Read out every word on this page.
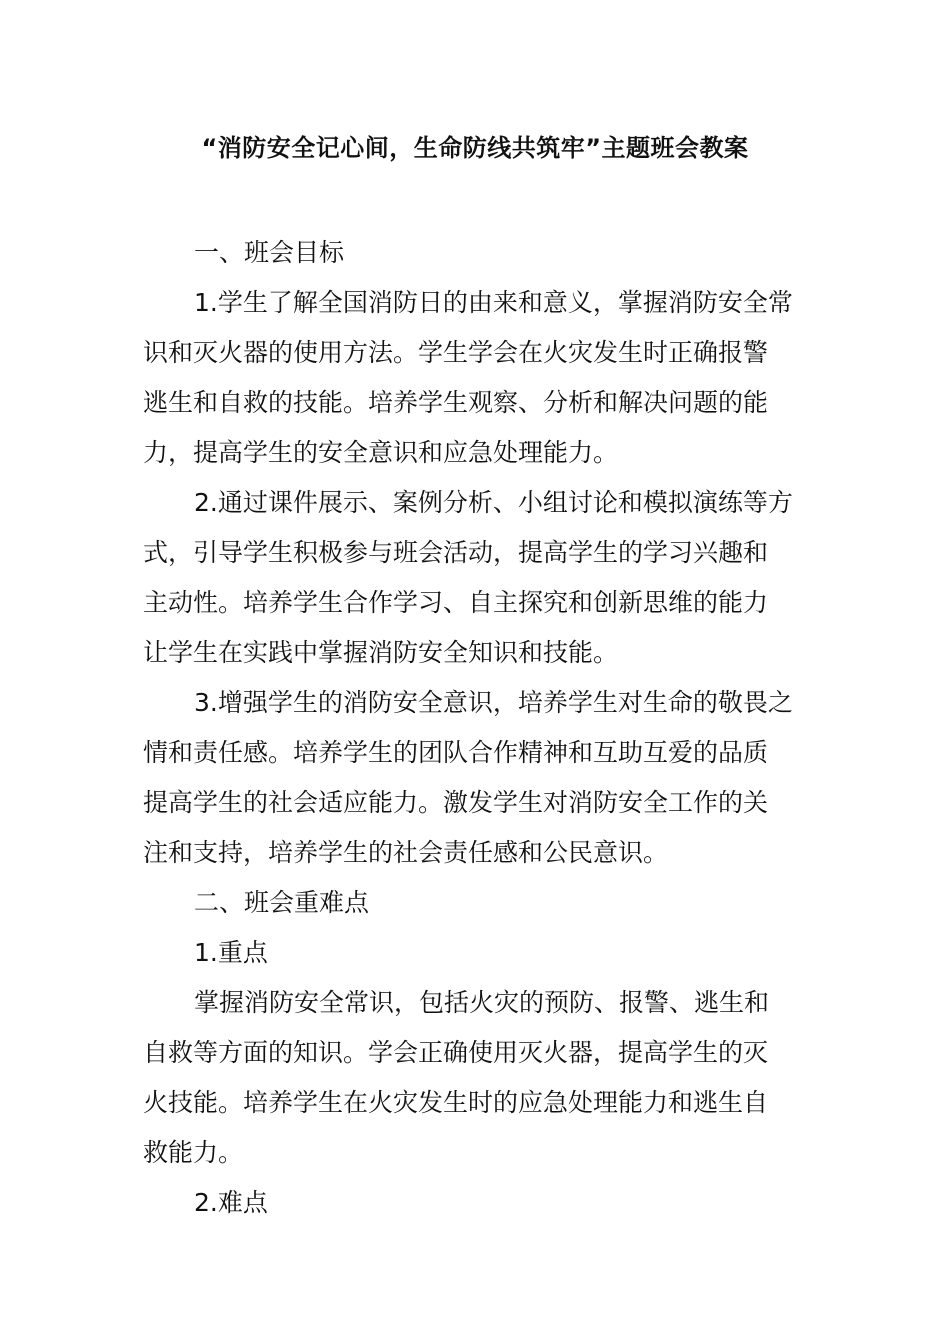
“消防安全记心间，生命防线共筑牢”主题班会教案
一、班会目标
1.学生了解全国消防日的由来和意义，掌握消防安全常
识和灭火器的使用方法。学生学会在火灾发生时正确报警
逃生和自救的技能。培养学生观察、分析和解决问题的能
力，提高学生的安全意识和应急处理能力。
2.通过课件展示、案例分析、小组讨论和模拟演练等方
式，引导学生积极参与班会活动，提高学生的学习兴趣和
主动性。培养学生合作学习、自主探究和创新思维的能力
让学生在实践中掌握消防安全知识和技能。
3.增强学生的消防安全意识，培养学生对生命的敬畏之
情和责任感。培养学生的团队合作精神和互助互爱的品质
提高学生的社会适应能力。激发学生对消防安全工作的关
注和支持，培养学生的社会责任感和公民意识。
二、班会重难点
1.重点
掌握消防安全常识，包括火灾的预防、报警、逃生和
自救等方面的知识。学会正确使用灭火器，提高学生的灭
火技能。培养学生在火灾发生时的应急处理能力和逃生自
救能力。
2.难点
